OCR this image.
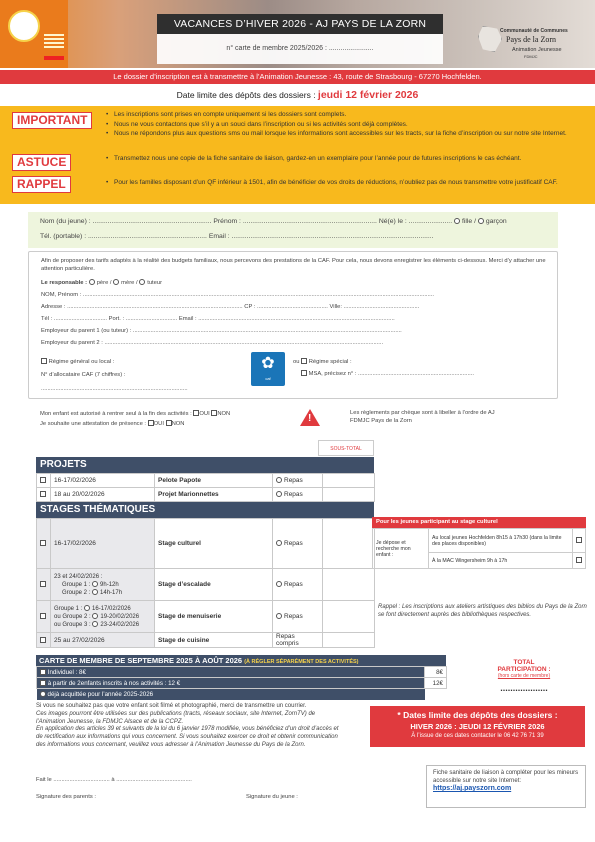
VACANCES D’HIVER 2026 - AJ PAYS DE LA ZORN
n° carte de membre 2025/2026 : .......................
Communauté de Communes
Pays de la Zorn
Animation Jeunesse
FDMJC
Le dossier d’inscription est à transmettre à l’Animation Jeunesse : 43, route de Strasbourg - 67270 Hochfelden.
Date limite des dépôts des dossiers : jeudi 12 février 2026
IMPORTANT
ASTUCE
RAPPEL
• Les inscriptions sont prises en compte uniquement si les dossiers sont complets.
• Nous ne vous contactons que s’il y a un souci dans l’inscription ou si les activités sont déjà complètes.
• Nous ne répondons plus aux questions sms ou mail lorsque les informations sont accessibles sur les tracts, sur la fiche d’inscription ou sur notre site Internet.
• Transmettez nous une copie de la fiche sanitaire de liaison, gardez-en un exemplaire pour l’année pour de futures inscriptions le cas échéant.
• Pour les familles disposant d’un QF inférieur à 1501, afin de bénéficier de vos droits de réductions, n’oubliez pas de nous transmettre votre justificatif CAF.
Nom (du jeune) : ............................................................... Prénom : ....................................................................... Né(e) le : ....................... fille / garçon
Tél. (portable) : ............................................................... Email : ...........................................................................................................
Afin de proposer des tarifs adaptés à la réalité des budgets familiaux, nous percevons des prestations de la CAF. Pour cela, nous devons enregistrer les éléments ci-dessous. Merci d’y attacher une attention particulière.
Le responsable : père / mère / tuteur
NOM, Prénom : ..........................................................................................................................................................................................................................
Adresse : ............................................................................................................. CP : ............................................ Ville: ...............................................
Tél : ................................. Port. : ................................ Email : ..........................................................................................................................
Employeur du parent 1 (ou tuteur) : .......................................................................................................................................................................
Employeur du parent 2 : .............................................................................................................................................................................
Régime général ou local :
N° d’allocataire CAF (7 chiffres) :
...........................................................................................
✿
caf
ou Régime spécial :
MSA, précisez n° : ........................................................................
Mon enfant est autorisé à rentrer seul à la fin des activités : OUI NON
Je souhaite une attestation de présence : OUI NON
!
Les règlements par chèque sont à libeller à l’ordre de AJ FDMJC Pays de la Zorn
SOUS-TOTAL
PROJETS
	16-17/02/2026	Pelote Papote	Repas	
	18 au 20/02/2026	Projet Marionnettes	Repas	
STAGES THÉMATIQUES
	16-17/02/2026	Stage culturel	Repas	

	23 et 24/02/2026 :
Groupe 1 : 9h-12h
Groupe 2 : 14h-17h	Stage d’escalade	Repas	

	Groupe 1 : 16-17/02/2026
ou Groupe 2 : 19-20/02/2026
ou Groupe 3 : 23-24/02/2026	Stage de menuiserie	Repas	
	25 au 27/02/2026	Stage de cuisine	Repas compris	
Pour les jeunes participant au stage culturel
Je dépose et recherche mon enfant :	Au local jeunes Hochfelden 8h15 à 17h30 (dans la limite des places disponibles)	
	À la MAC Wingersheim 9h à 17h	
Rappel : Les inscriptions aux ateliers artistiques des biblios du Pays de la Zorn se font directement auprès des bibliothèques respectives.
CARTE DE MEMBRE DE SEPTEMBRE 2025 À AOÛT 2026 (À RÉGLER SÉPARÉMENT DES ACTIVITÉS)
Individuel : 8€	8€
à partir de 2enfants inscrits à nos activités : 12 €	12€
déjà acquittée pour l’année 2025-2026	
TOTAL
PARTICIPATION :
(hors carte de membre)
...................
Si vous ne souhaitez pas que votre enfant soit filmé et photographié, merci de transmettre un courrier.
Ces images pourront être utilisées sur des publications (tracts, réseaux sociaux, site Internet, ZornTV) de l’Animation Jeunesse, la FDMJC Alsace et de la CCPZ.
En application des articles 39 et suivants de la loi du 6 janvier 1978 modifiée, vous bénéficiez d’un droit d’accès et de rectification aux informations qui vous concernent. Si vous souhaitez exercer ce droit et obtenir communication des informations vous concernant, veuillez vous adresser à l’Animation Jeunesse du Pays de la Zorn.
Fait le ................................... à ...............................................
Signature des parents :	Signature du jeune :
* Dates limite des dépôts des dossiers :
HIVER 2026 : JEUDI 12 FÉVRIER 2026
À l’issue de ces dates contacter le 06 42 76 71 39
Fiche sanitaire de liaison à compléter pour les mineurs accessible sur notre site Internet:
https://aj.payszorn.com
